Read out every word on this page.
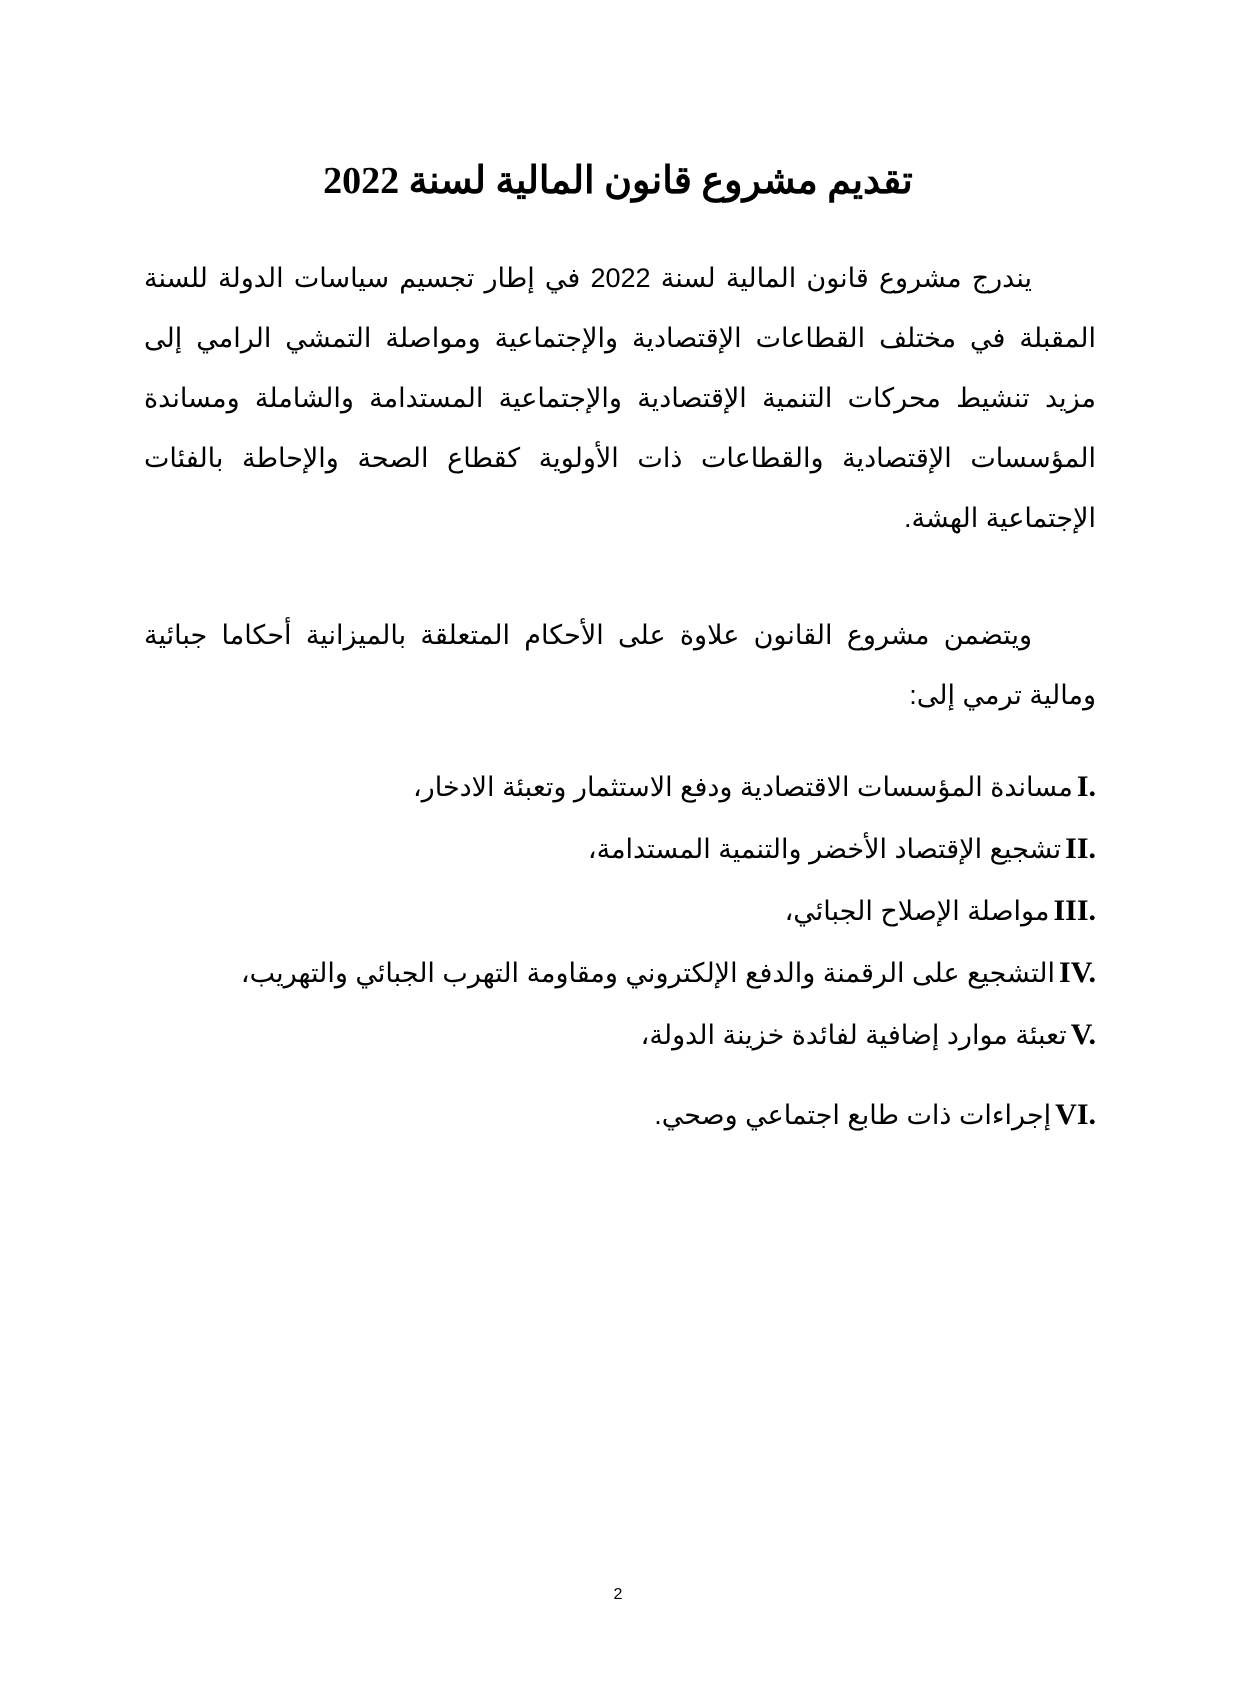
تقديم مشروع قانون المالية لسنة 2022

يندرج مشروع قانون المالية لسنة 2022 في إطار تجسيم سياسات الدولة للسنة المقبلة في مختلف القطاعات الإقتصادية والإجتماعية ومواصلة التمشي الرامي إلى مزيد تنشيط محركات التنمية الإقتصادية والإجتماعية المستدامة والشاملة ومساندة المؤسسات الإقتصادية والقطاعات ذات الأولوية كقطاع الصحة والإحاطة بالفئات الإجتماعية الهشة.

ويتضمن مشروع القانون علاوة على الأحكام المتعلقة بالميزانية أحكاما جبائية ومالية ترمي إلى:

I.مساندة المؤسسات الاقتصادية ودفع الاستثمار وتعبئة الادخار،
II.تشجيع الإقتصاد الأخضر والتنمية المستدامة،
III.مواصلة الإصلاح الجبائي،
IV.التشجيع على الرقمنة والدفع الإلكتروني ومقاومة التهرب الجبائي والتهريب،
V.تعبئة موارد إضافية لفائدة خزينة الدولة،
VI.إجراءات ذات طابع اجتماعي وصحي.
2
